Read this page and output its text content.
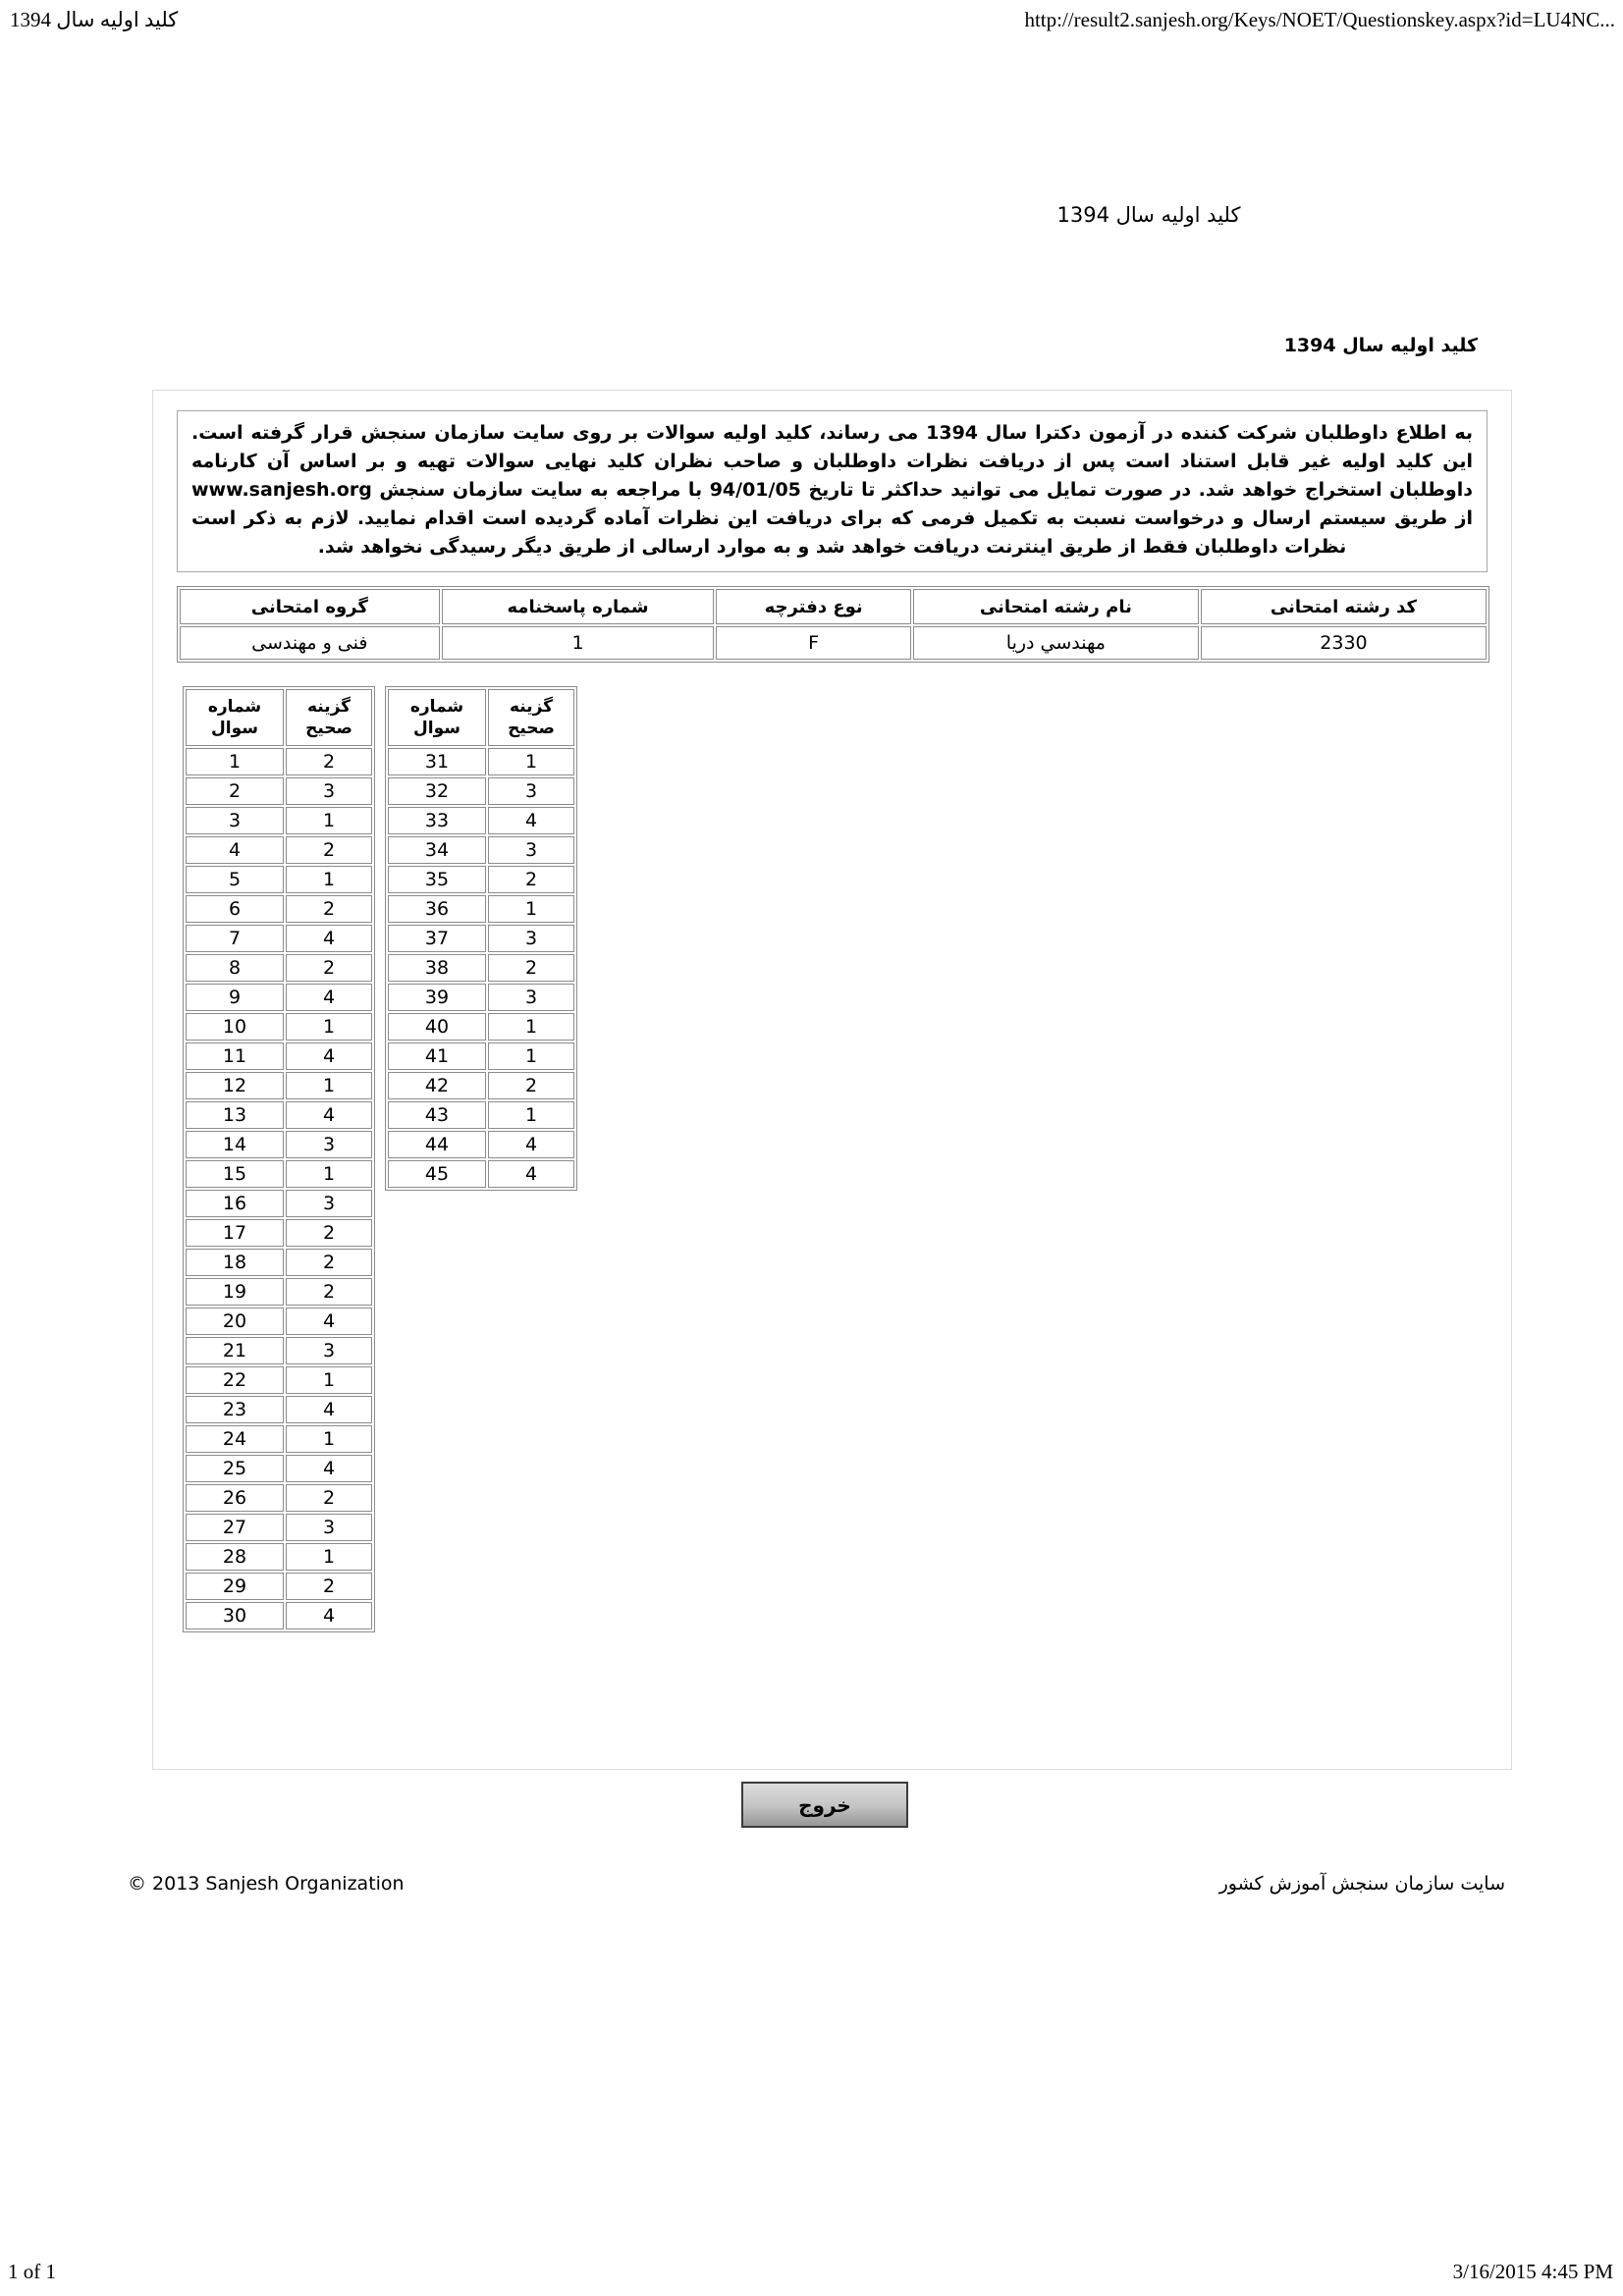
کلید اولیه سال 1394	http://result2.sanjesh.org/Keys/NOET/Questionskey.aspx?id=LU4NC...
کلید اولیه سال 1394
کلید اولیه سال 1394
به اطلاع داوطلبان شرکت کننده در آزمون دکترا سال 1394 می رساند، کلید اولیه سوالات بر روی سایت سازمان سنجش قرار گرفته است. این کلید اولیه غیر قابل استناد است پس از دریافت نظرات داوطلبان و صاحب نظران کلید نهایی سوالات تهیه و بر اساس آن کارنامه داوطلبان استخراج خواهد شد. در صورت تمایل می توانید حداکثر تا تاریخ 94/01/05 با مراجعه به سایت سازمان سنجش www.sanjesh.org از طریق سیستم ارسال و درخواست نسبت به تکمیل فرمی که برای دریافت این نظرات آماده گردیده است اقدام نمایید. لازم به ذکر است نظرات داوطلبان فقط از طریق اینترنت دریافت خواهد شد و به موارد ارسالی از طریق دیگر رسیدگی نخواهد شد.
گروه امتحانی	شماره پاسخنامه	نوع دفترچه	نام رشته امتحانی	کد رشته امتحانی
فنی و مهندسی	1	F	مهندسي دريا	2330
شماره سوال	گزینه صحیح
1	2
2	3
3	1
4	2
5	1
6	2
7	4
8	2
9	4
10	1
11	4
12	1
13	4
14	3
15	1
16	3
17	2
18	2
19	2
20	4
21	3
22	1
23	4
24	1
25	4
26	2
27	3
28	1
29	2
30	4
شماره سوال	گزینه صحیح
31	1
32	3
33	4
34	3
35	2
36	1
37	3
38	2
39	3
40	1
41	1
42	2
43	1
44	4
45	4
خروج
© 2013 Sanjesh Organization	سایت سازمان سنجش آموزش کشور
1 of 1	3/16/2015 4:45 PM
